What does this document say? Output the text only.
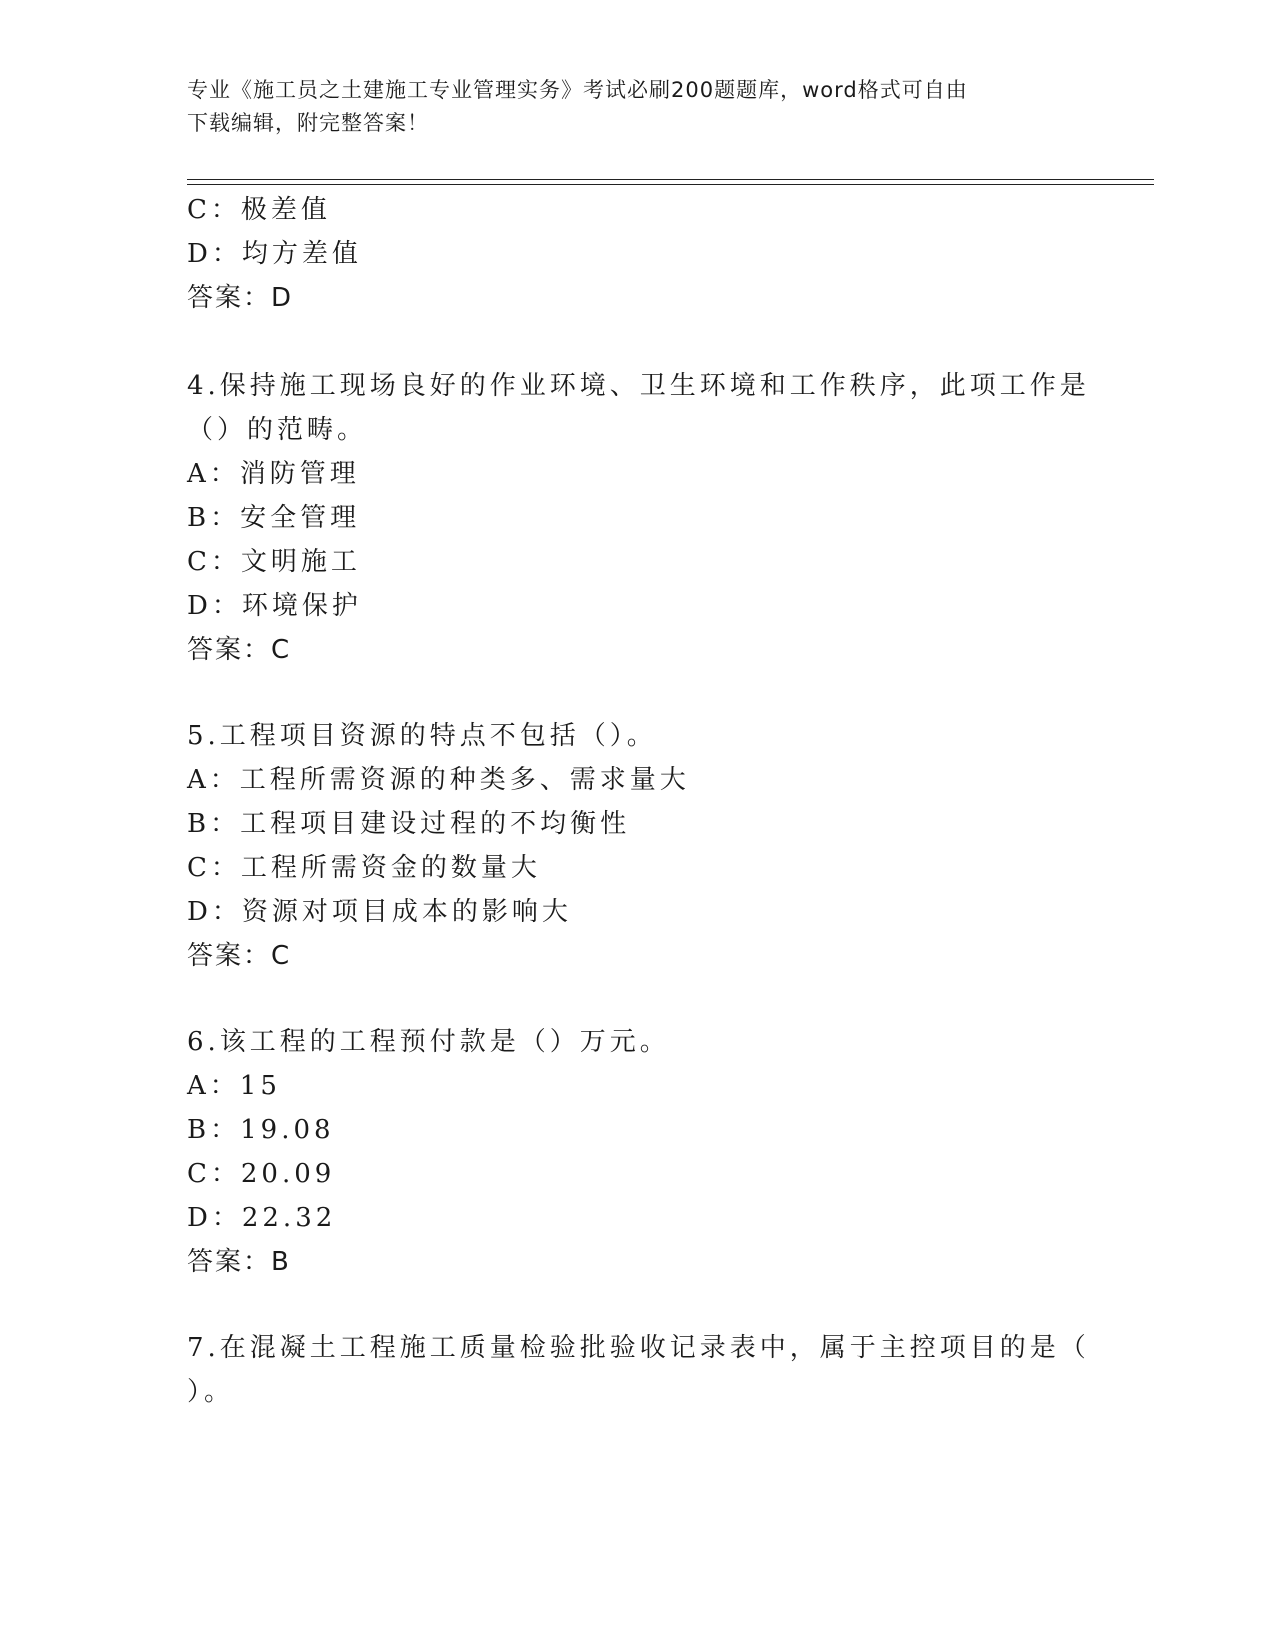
专业《施工员之土建施工专业管理实务》考试必刷200题题库，word格式可自由
下载编辑，附完整答案！
C：极差值
D：均方差值
答案：D
4.保持施工现场良好的作业环境、卫生环境和工作秩序，此项工作是
（）的范畴。
A：消防管理
B：安全管理
C：文明施工
D：环境保护
答案：C
5.工程项目资源的特点不包括（）。
A：工程所需资源的种类多、需求量大
B：工程项目建设过程的不均衡性
C：工程所需资金的数量大
D：资源对项目成本的影响大
答案：C
6.该工程的工程预付款是（）万元。
A：15
B：19.08
C：20.09
D：22.32
答案：B
7.在混凝土工程施工质量检验批验收记录表中，属于主控项目的是（
）。
